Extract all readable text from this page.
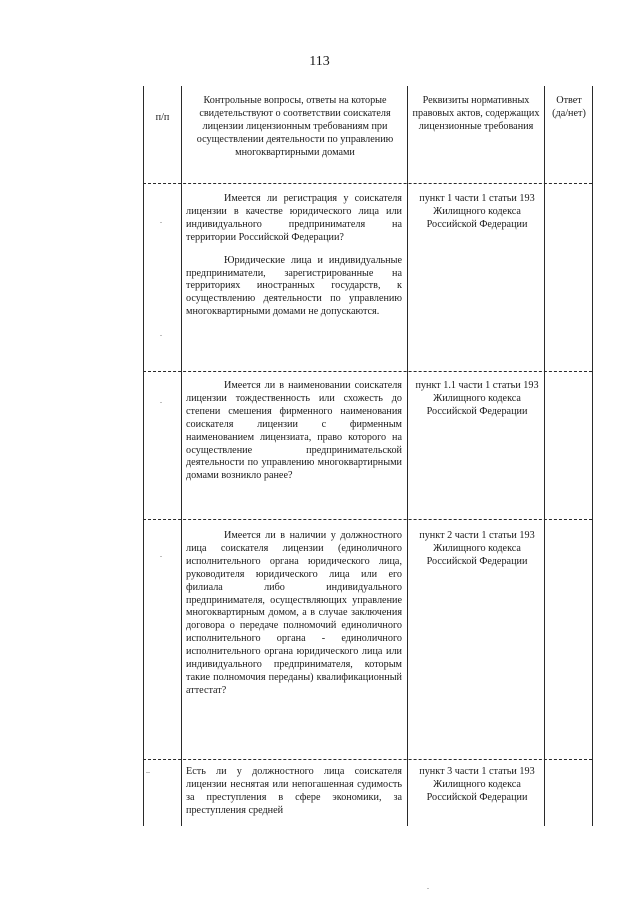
113
п/п
Контрольные вопросы, ответы на которые свидетельствуют о соответствии соискателя лицензии лицензионным требованиям при осуществлении деятельности по управлению многоквартирными домами
Реквизиты нормативных правовых актов, содержащих лицензионные требования
Ответ (да/нет)

Имеется ли регистрация у соискателя лицензии в качестве юридического лица или индивидуального предпринимателя на территории Российской Федерации?

Юридические лица и индивидуальные предприниматели, зарегистрированные на территориях иностранных государств, к осуществлению деятельности по управлению многоквартирными домами не допускаются.

пункт 1 части 1 статьи 193 Жилищного кодекса Российской Федерации

Имеется ли в наименовании соискателя лицензии тождественность или схожесть до степени смешения фирменного наименования соискателя лицензии с фирменным наименованием лицензиата, право которого на осуществление предпринимательской деятельности по управлению многоквартирными домами возникло ранее?

пункт 1.1 части 1 статьи 193 Жилищного кодекса Российской Федерации

Имеется ли в наличии у должностного лица соискателя лицензии (единоличного исполнительного органа юридического лица, руководителя юридического лица или его филиала либо индивидуального предпринимателя, осуществляющих управление многоквартирным домом, а в случае заключения договора о передаче полномочий единоличного исполнительного органа - единоличного исполнительного органа юридического лица или индивидуального предпринимателя, которым такие полномочия переданы) квалификационный аттестат?

пункт 2 части 1 статьи 193 Жилищного кодекса Российской Федерации

Есть ли у должностного лица соискателя лицензии неснятая или непогашенная судимость за преступления в сфере экономики, за преступления средней

пункт 3 части 1 статьи 193 Жилищного кодекса Российской Федерации
.
.
.
.
..
.
